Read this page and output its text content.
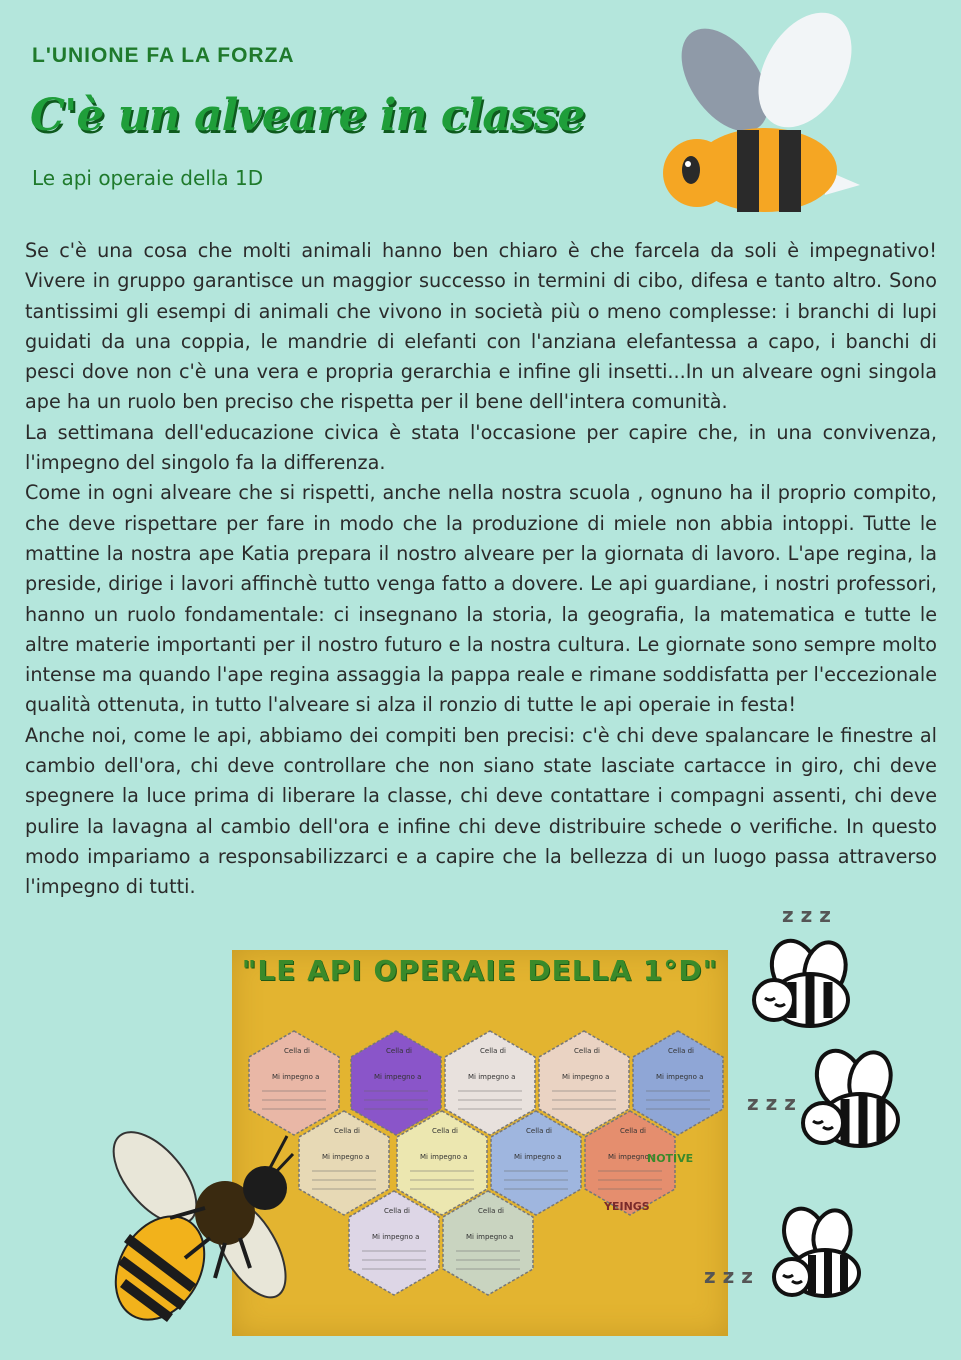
L'UNIONE FA LA FORZA
C'è un alveare in classe
Le api operaie della 1D

Se c'è una cosa che molti animali hanno ben chiaro è che farcela da soli è impegnativo! Vivere in gruppo garantisce un maggior successo in termini di cibo, difesa e tanto altro. Sono tantissimi gli esempi di animali che vivono in società più o meno complesse: i branchi di lupi guidati da una coppia, le mandrie di elefanti con l'anziana elefantessa a capo, i banchi di pesci dove non c'è una vera e propria gerarchia e infine gli insetti...In un alveare ogni singola ape ha un ruolo ben preciso che rispetta per il bene dell'intera comunità.

La settimana dell'educazione civica è stata l'occasione per capire che, in una convivenza, l'impegno del singolo fa la differenza.

Come in ogni alveare che si rispetti, anche nella nostra scuola , ognuno ha il proprio compito, che deve rispettare per fare in modo che la produzione di miele non abbia intoppi. Tutte le mattine la nostra ape Katia prepara il nostro alveare per la giornata di lavoro. L'ape regina, la preside, dirige i lavori affinchè tutto venga fatto a dovere. Le api guardiane, i nostri professori, hanno un ruolo fondamentale: ci insegnano la storia, la geografia, la matematica e tutte le altre materie importanti per il nostro futuro e la nostra cultura. Le giornate sono sempre molto intense ma quando l'ape regina assaggia la pappa reale e rimane soddisfatta per l'eccezionale qualità ottenuta, in tutto l'alveare si alza il ronzio di tutte le api operaie in festa!

Anche noi, come le api, abbiamo dei compiti ben precisi: c'è chi deve spalancare le finestre al cambio dell'ora, chi deve controllare che non siano state lasciate cartacce in giro, chi deve spegnere la luce prima di liberare la classe, chi deve contattare i compagni assenti, chi deve pulire la lavagna al cambio dell'ora e infine chi deve distribuire schede o verifiche. In questo modo impariamo a responsabilizzarci e a capire che la bellezza di un luogo passa attraverso l'impegno di tutti.

"LE API OPERAIE DELLA 1°D"
Cella di
Mi impegno a
Cella di
Mi impegno a
Cella di
Mi impegno a
Cella di
Mi impegno a
Cella di
Mi impegno a
Cella di
Mi impegno a
Cella di
Mi impegno a
Cella di
Mi impegno a
Cella di
Mi impegno a
Cella di
Mi impegno a
Cella di
Mi impegno a
NOTIVE
YEINGS
z z z
z z z
z z z
